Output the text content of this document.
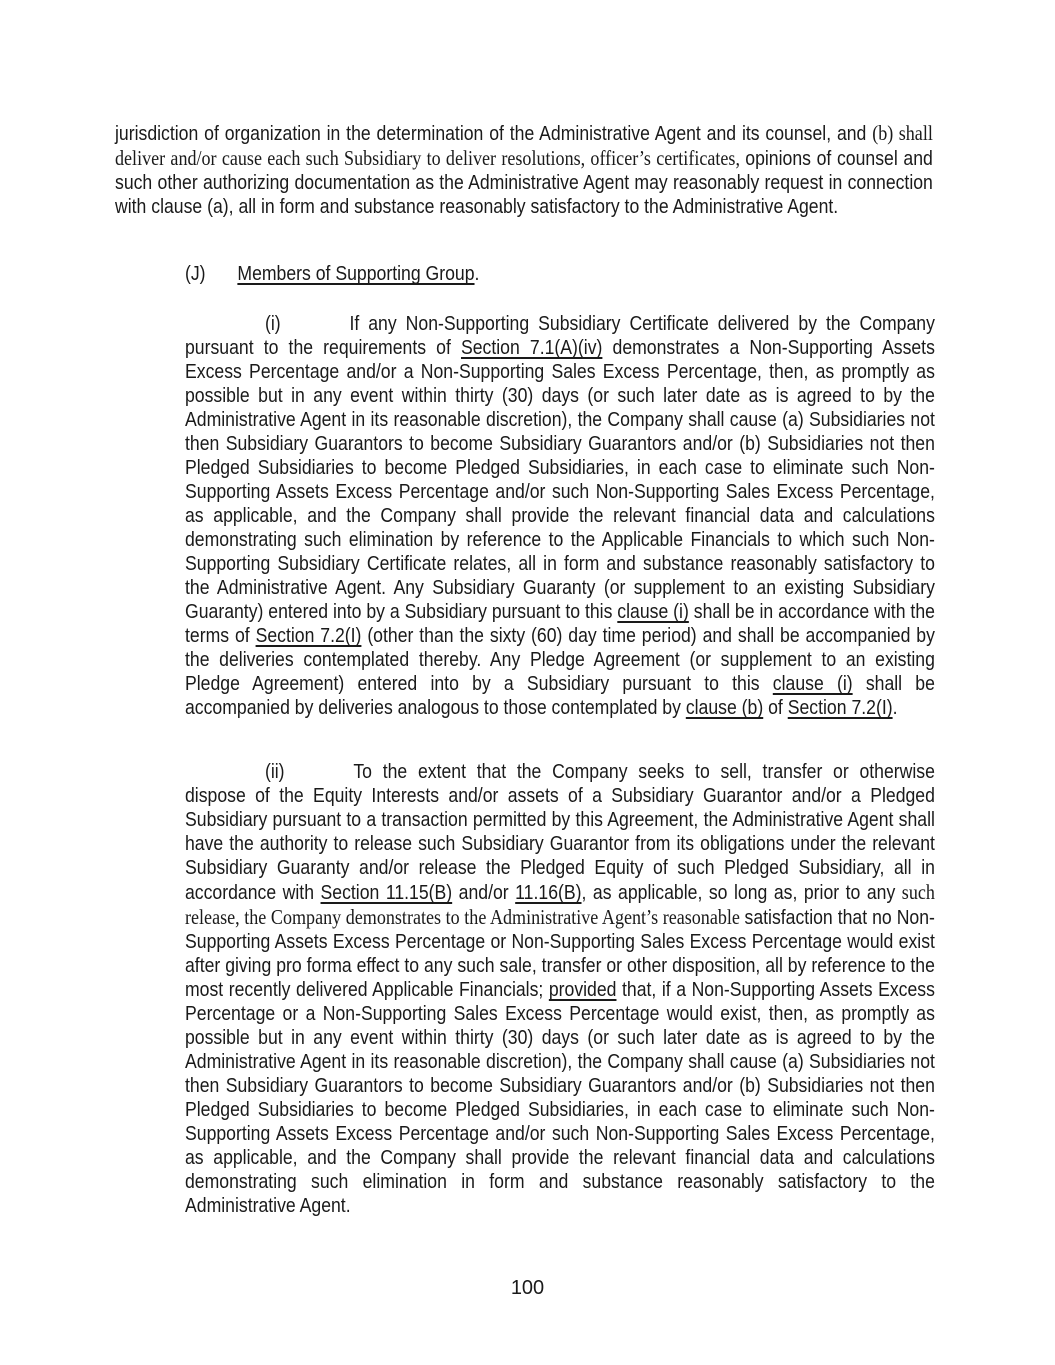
jurisdiction of organization in the determination of the Administrative Agent and its counsel, and (b) shall deliver and/or cause each such Subsidiary to deliver resolutions, officer’s certificates, opinions of counsel and such other authorizing documentation as the Administrative Agent may reasonably request in connection with clause (a), all in form and substance reasonably satisfactory to the Administrative Agent.

(J) Members of Supporting Group.

(i)	If any Non-Supporting Subsidiary Certificate delivered by the Company pursuant to the requirements of Section 7.1(A)(iv) demonstrates a Non-Supporting Assets Excess Percentage and/or a Non-Supporting Sales Excess Percentage, then, as promptly as possible but in any event within thirty (30) days (or such later date as is agreed to by the Administrative Agent in its reasonable discretion), the Company shall cause (a) Subsidiaries not then Subsidiary Guarantors to become Subsidiary Guarantors and/or (b) Subsidiaries not then Pledged Subsidiaries to become Pledged Subsidiaries, in each case to eliminate such Non-Supporting Assets Excess Percentage and/or such Non-Supporting Sales Excess Percentage, as applicable, and the Company shall provide the relevant financial data and calculations demonstrating such elimination by reference to the Applicable Financials to which such Non-Supporting Subsidiary Certificate relates, all in form and substance reasonably satisfactory to the Administrative Agent. Any Subsidiary Guaranty (or supplement to an existing Subsidiary Guaranty) entered into by a Subsidiary pursuant to this clause (i) shall be in accordance with the terms of Section 7.2(I) (other than the sixty (60) day time period) and shall be accompanied by the deliveries contemplated thereby. Any Pledge Agreement (or supplement to an existing Pledge Agreement) entered into by a Subsidiary pursuant to this clause (i) shall be accompanied by deliveries analogous to those contemplated by clause (b) of Section 7.2(I).

(ii)	To the extent that the Company seeks to sell, transfer or otherwise dispose of the Equity Interests and/or assets of a Subsidiary Guarantor and/or a Pledged Subsidiary pursuant to a transaction permitted by this Agreement, the Administrative Agent shall have the authority to release such Subsidiary Guarantor from its obligations under the relevant Subsidiary Guaranty and/or release the Pledged Equity of such Pledged Subsidiary, all in accordance with Section 11.15(B) and/or 11.16(B), as applicable, so long as, prior to any such release, the Company demonstrates to the Administrative Agent’s reasonable satisfaction that no Non-Supporting Assets Excess Percentage or Non-Supporting Sales Excess Percentage would exist after giving pro forma effect to any such sale, transfer or other disposition, all by reference to the most recently delivered Applicable Financials; provided that, if a Non-Supporting Assets Excess Percentage or a Non-Supporting Sales Excess Percentage would exist, then, as promptly as possible but in any event within thirty (30) days (or such later date as is agreed to by the Administrative Agent in its reasonable discretion), the Company shall cause (a) Subsidiaries not then Subsidiary Guarantors to become Subsidiary Guarantors and/or (b) Subsidiaries not then Pledged Subsidiaries to become Pledged Subsidiaries, in each case to eliminate such Non-Supporting Assets Excess Percentage and/or such Non-Supporting Sales Excess Percentage, as applicable, and the Company shall provide the relevant financial data and calculations demonstrating such elimination in form and substance reasonably satisfactory to the Administrative Agent.

100
